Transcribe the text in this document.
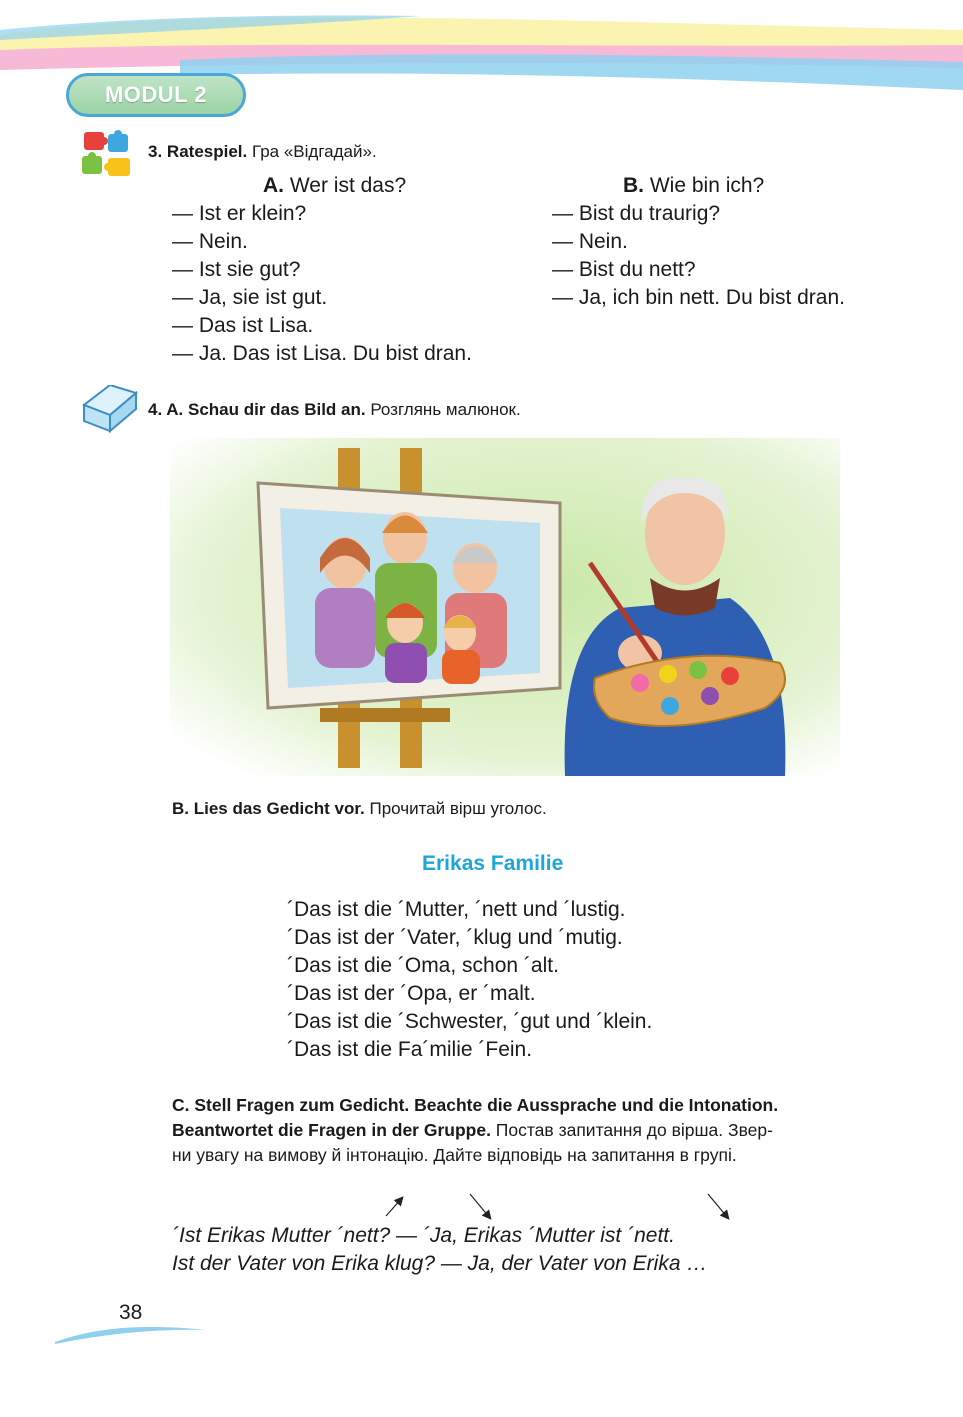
MODUL 2
3. Ratespiel. Гра «Відгадай».
A. Wer ist das?
— Ist er klein?
— Nein.
— Ist sie gut?
— Ja, sie ist gut.
— Das ist Lisa.
— Ja. Das ist Lisa. Du bist dran.
B. Wie bin ich?
— Bist du traurig?
— Nein.
— Bist du nett?
— Ja, ich bin nett. Du bist dran.
4. A. Schau dir das Bild an. Розглянь малюнок.
B. Lies das Gedicht vor. Прочитай вірш уголос.
Erikas Familie
´Das ist die ´Mutter, ´nett und ´lustig.
´Das ist der ´Vater, ´klug und ´mutig.
´Das ist die ´Oma, schon ´alt.
´Das ist der ´Opa, er ´malt.
´Das ist die ´Schwester, ´gut und ´klein.
´Das ist die Fa´milie ´Fein.
C. Stell Fragen zum Gedicht. Beachte die Aussprache und die Intonation.
Beantwortet die Fragen in der Gruppe. Постав запитання до вірша. Звер-
ни увагу на вимову й інтонацію. Дайте відповідь на запитання в групі.
´Ist Erikas Mutter ´nett? — ´Ja, Erikas ´Mutter ist ´nett.
Ist der Vater von Erika klug? — Ja, der Vater von Erika …
38
